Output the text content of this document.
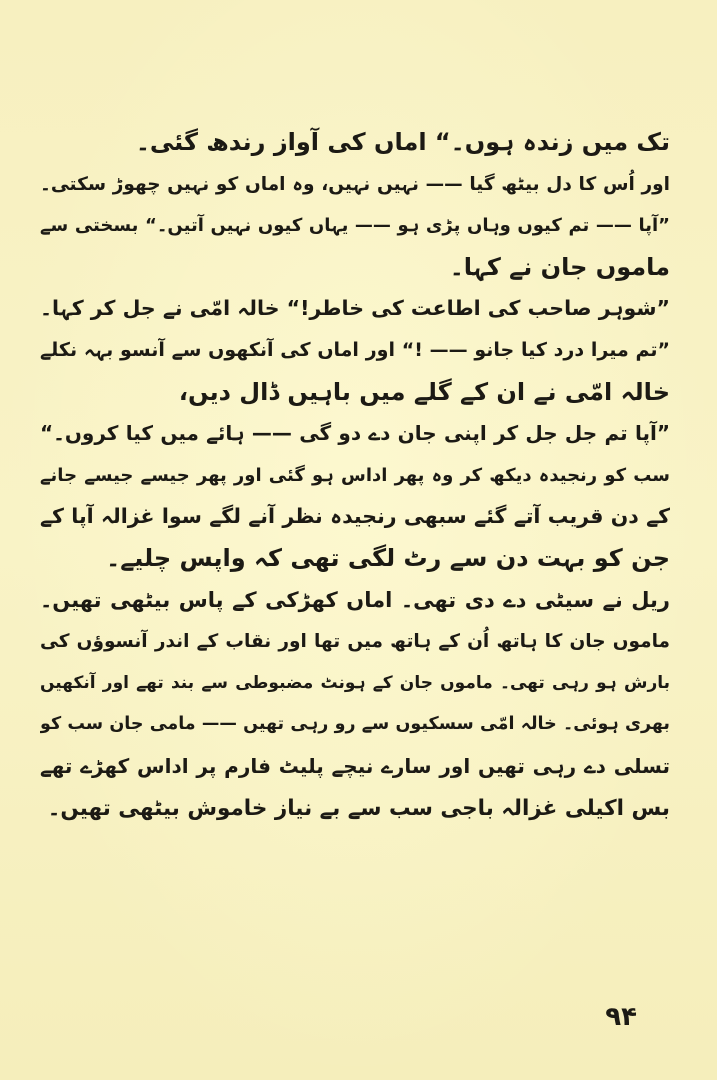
تک میں زندہ ہوں۔“ اماں کی آواز رندھ گئی۔
اور اُس کا دل بیٹھ گیا —— نہیں نہیں، وہ اماں کو نہیں چھوڑ سکتی۔
”آپا —— تم کیوں وہاں پڑی ہو —— یہاں کیوں نہیں آتیں۔“ بسختی سے
ماموں جان نے کہا۔
”شوہر صاحب کی اطاعت کی خاطر!“ خالہ امّی نے جل کر کہا۔
”تم میرا درد کیا جانو —— !“ اور اماں کی آنکھوں سے آنسو بہہ نکلے
خالہ امّی نے ان کے گلے میں باہیں ڈال دیں،
”آپا تم جل جل کر اپنی جان دے دو گی —— ہائے میں کیا کروں۔“
سب کو رنجیدہ دیکھ کر وہ پھر اداس ہو گئی اور پھر جیسے جیسے جانے
کے دن قریب آتے گئے سبھی رنجیدہ نظر آنے لگے سوا غزالہ آپا کے
جن کو بہت دن سے رٹ لگی تھی کہ واپس چلیے۔
ریل نے سیٹی دے دی تھی۔ اماں کھڑکی کے پاس بیٹھی تھیں۔
ماموں جان کا ہاتھ اُن کے ہاتھ میں تھا اور نقاب کے اندر آنسوؤں کی
بارش ہو رہی تھی۔ ماموں جان کے ہونٹ مضبوطی سے بند تھے اور آنکھیں
بھری ہوئی۔ خالہ امّی سسکیوں سے رو رہی تھیں —— مامی جان سب کو
تسلی دے رہی تھیں اور سارے نیچے پلیٹ فارم پر اداس کھڑے تھے
بس اکیلی غزالہ باجی سب سے بے نیاز خاموش بیٹھی تھیں۔
۹۴
